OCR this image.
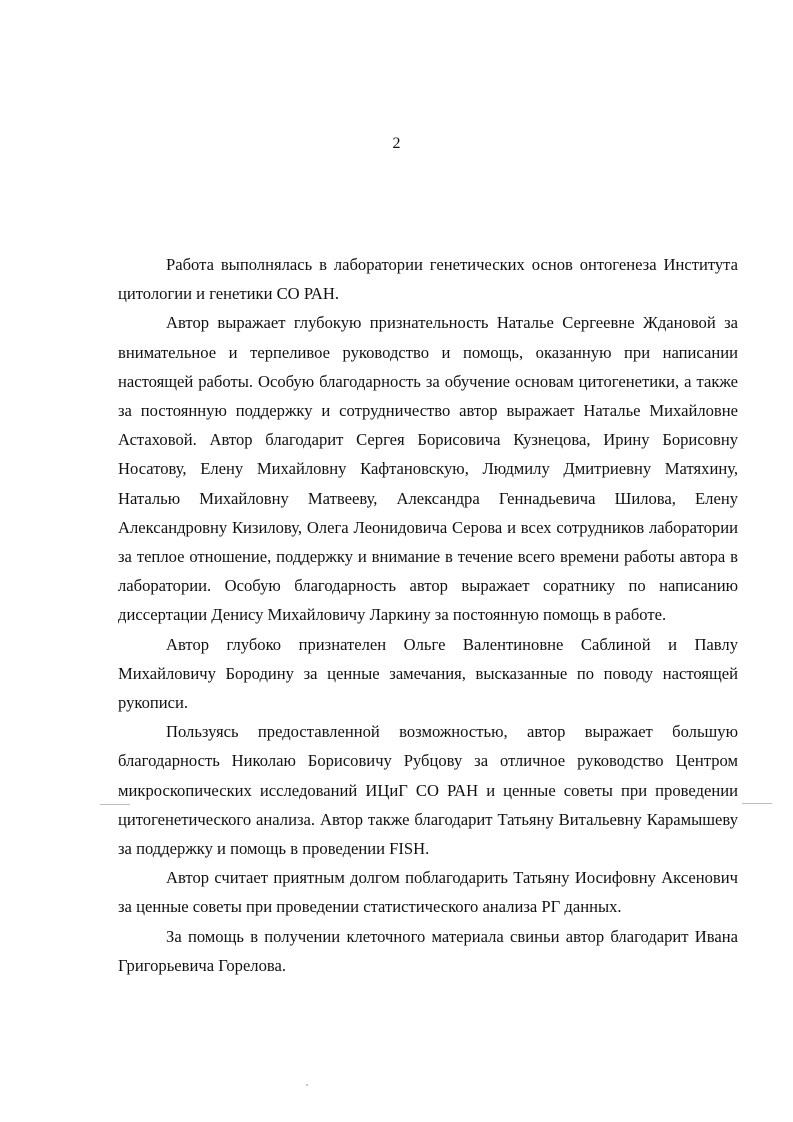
2

Работа выполнялась в лаборатории генетических основ онтогенеза Института цитологии и генетики СО РАН.

Автор выражает глубокую признательность Наталье Сергеевне Ждановой за внимательное и терпеливое руководство и помощь, оказанную при написании настоящей работы. Особую благодарность за обучение основам цитогенетики, а также за постоянную поддержку и сотрудничество автор выражает Наталье Михайловне Астаховой. Автор благодарит Сергея Борисовича Кузнецова, Ирину Борисовну Носатову, Елену Михайловну Кафтановскую, Людмилу Дмитриевну Матяхину, Наталью Михайловну Матвееву, Александра Геннадьевича Шилова, Елену Александровну Кизилову, Олега Леонидовича Серова и всех сотрудников лаборатории за теплое отношение, поддержку и внимание в течение всего времени работы автора в лаборатории. Особую благодарность автор выражает соратнику по написанию диссертации Денису Михайловичу Ларкину за постоянную помощь в работе.

Автор глубоко признателен Ольге Валентиновне Саблиной и Павлу Михайловичу Бородину за ценные замечания, высказанные по поводу настоящей рукописи.

Пользуясь предоставленной возможностью, автор выражает большую благодарность Николаю Борисовичу Рубцову за отличное руководство Центром микроскопических исследований ИЦиГ СО РАН и ценные советы при проведении цитогенетического анализа. Автор также благодарит Татьяну Витальевну Карамышеву за поддержку и помощь в проведении FISH.

Автор считает приятным долгом поблагодарить Татьяну Иосифовну Аксенович за ценные советы при проведении статистического анализа РГ данных.

За помощь в получении клеточного материала свиньи автор благодарит Ивана Григорьевича Горелова.
